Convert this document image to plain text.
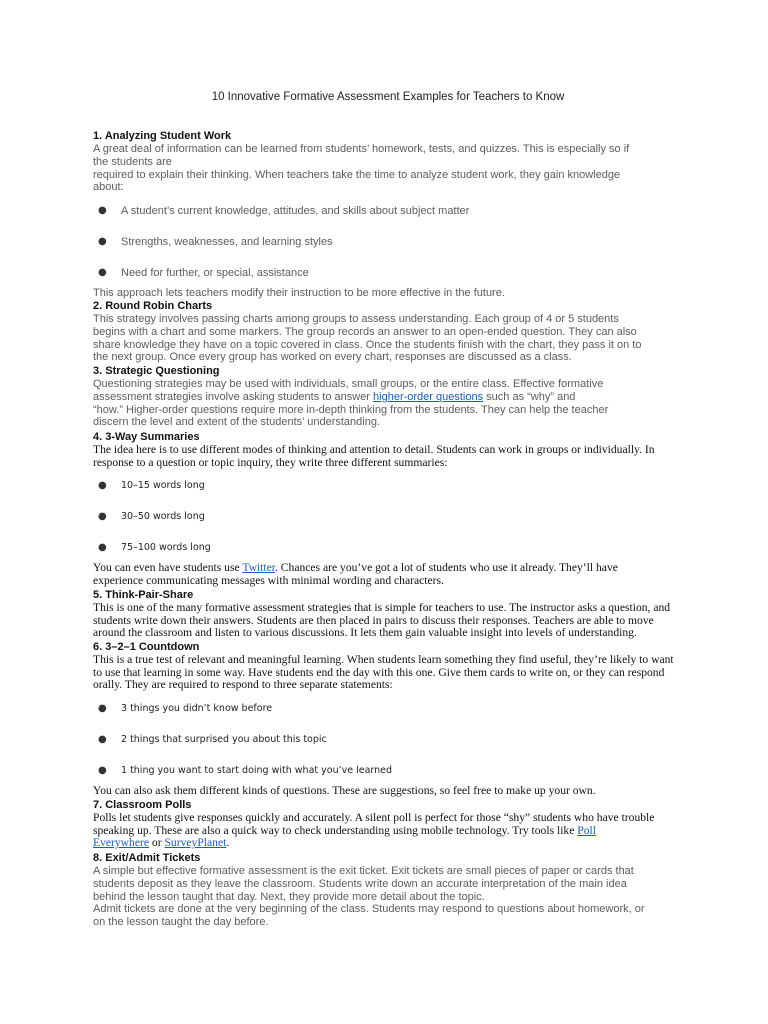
10 Innovative Formative Assessment Examples for Teachers to Know
1. Analyzing Student Work
A great deal of information can be learned from students’ homework, tests, and quizzes. This is especially so if
the students are
required to explain their thinking. When teachers take the time to analyze student work, they gain knowledge
about:
● A student’s current knowledge, attitudes, and skills about subject matter
● Strengths, weaknesses, and learning styles
● Need for further, or special, assistance
This approach lets teachers modify their instruction to be more effective in the future.
2. Round Robin Charts
This strategy involves passing charts among groups to assess understanding. Each group of 4 or 5 students
begins with a chart and some markers. The group records an answer to an open-ended question. They can also
share knowledge they have on a topic covered in class. Once the students finish with the chart, they pass it on to
the next group. Once every group has worked on every chart, responses are discussed as a class.
3. Strategic Questioning
Questioning strategies may be used with individuals, small groups, or the entire class. Effective formative
assessment strategies involve asking students to answer higher-order questions such as “why” and
“how.” Higher-order questions require more in-depth thinking from the students. They can help the teacher
discern the level and extent of the students’ understanding.
4. 3-Way Summaries
The idea here is to use different modes of thinking and attention to detail. Students can work in groups or individually. In
response to a question or topic inquiry, they write three different summaries:
● 10–15 words long
● 30–50 words long
● 75–100 words long
You can even have students use Twitter. Chances are you’ve got a lot of students who use it already. They’ll have
experience communicating messages with minimal wording and characters.
5. Think-Pair-Share
This is one of the many formative assessment strategies that is simple for teachers to use. The instructor asks a question, and
students write down their answers. Students are then placed in pairs to discuss their responses. Teachers are able to move
around the classroom and listen to various discussions. It lets them gain valuable insight into levels of understanding.
6. 3–2–1 Countdown
This is a true test of relevant and meaningful learning. When students learn something they find useful, they’re likely to want
to use that learning in some way. Have students end the day with this one. Give them cards to write on, or they can respond
orally. They are required to respond to three separate statements:
● 3 things you didn’t know before
● 2 things that surprised you about this topic
● 1 thing you want to start doing with what you’ve learned
You can also ask them different kinds of questions. These are suggestions, so feel free to make up your own.
7. Classroom Polls
Polls let students give responses quickly and accurately. A silent poll is perfect for those “shy” students who have trouble
speaking up. These are also a quick way to check understanding using mobile technology. Try tools like Poll
Everywhere or SurveyPlanet.
8. Exit/Admit Tickets
A simple but effective formative assessment is the exit ticket. Exit tickets are small pieces of paper or cards that
students deposit as they leave the classroom. Students write down an accurate interpretation of the main idea
behind the lesson taught that day. Next, they provide more detail about the topic.
Admit tickets are done at the very beginning of the class. Students may respond to questions about homework, or
on the lesson taught the day before.
